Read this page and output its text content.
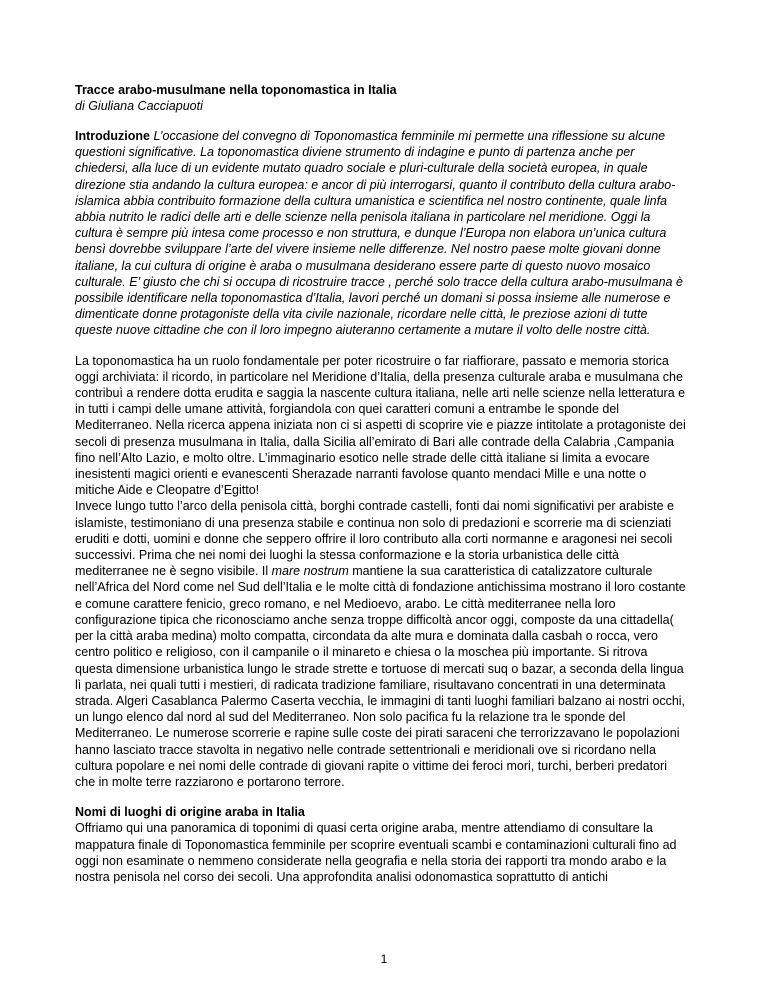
Tracce arabo-musulmane nella toponomastica in Italia
di Giuliana Cacciapuoti

Introduzione L’occasione del convegno di Toponomastica femminile mi permette una riflessione su alcune questioni significative. La toponomastica diviene strumento di indagine e punto di partenza anche per chiedersi, alla luce di un evidente mutato quadro sociale e pluri-culturale della società europea, in quale direzione stia andando la cultura europea: e ancor di più interrogarsi, quanto il contributo della cultura arabo-islamica abbia contribuito formazione della cultura umanistica e scientifica nel nostro continente, quale linfa abbia nutrito le radici delle arti e delle scienze nella penisola italiana in particolare nel meridione. Oggi la cultura è sempre più intesa come processo e non struttura, e dunque l’Europa non elabora un’unica cultura bensì dovrebbe sviluppare l’arte del vivere insieme nelle differenze. Nel nostro paese molte giovani donne italiane, la cui cultura di origine è araba o musulmana desiderano essere parte di questo nuovo mosaico culturale. E’ giusto che chi si occupa di ricostruire tracce , perché solo tracce della cultura arabo-musulmana è possibile identificare nella toponomastica d’Italia, lavori perché un domani si possa insieme alle numerose e dimenticate donne protagoniste della vita civile nazionale, ricordare nelle città, le preziose azioni di tutte queste nuove cittadine che con il loro impegno aiuteranno certamente a mutare il volto delle nostre città.

La toponomastica ha un ruolo fondamentale per poter ricostruire o far riaffiorare, passato e memoria storica oggi archiviata: il ricordo, in particolare nel Meridione d’Italia, della presenza culturale araba e musulmana che contribuì a rendere dotta erudita e saggia la nascente cultura italiana, nelle arti nelle scienze nella letteratura e in tutti i campi delle umane attività, forgiandola con quei caratteri comuni a entrambe le sponde del Mediterraneo. Nella ricerca appena iniziata non ci si aspetti di scoprire vie e piazze intitolate a protagoniste dei secoli di presenza musulmana in Italia, dalla Sicilia all’emirato di Bari alle contrade della Calabria ,Campania fino nell’Alto Lazio, e molto oltre. L’immaginario esotico nelle strade delle città italiane si limita a evocare inesistenti magici orienti e evanescenti Sherazade narranti favolose quanto mendaci Mille e una notte o mitiche Aide e Cleopatre d’Egitto!

Invece lungo tutto l’arco della penisola città, borghi contrade castelli, fonti dai nomi significativi per arabiste e islamiste, testimoniano di una presenza stabile e continua non solo di predazioni e scorrerie ma di scienziati eruditi e dotti, uomini e donne che seppero offrire il loro contributo alla corti normanne e aragonesi nei secoli successivi. Prima che nei nomi dei luoghi la stessa conformazione e la storia urbanistica delle città mediterranee ne è segno visibile. Il mare nostrum mantiene la sua caratteristica di catalizzatore culturale nell’Africa del Nord come nel Sud dell’Italia e le molte città di fondazione antichissima mostrano il loro costante e comune carattere fenicio, greco romano, e nel Medioevo, arabo. Le città mediterranee nella loro configurazione tipica che riconosciamo anche senza troppe difficoltà ancor oggi, composte da una cittadella( per la città araba medina) molto compatta, circondata da alte mura e dominata dalla casbah o rocca, vero centro politico e religioso, con il campanile o il minareto e chiesa o la moschea più importante. Si ritrova questa dimensione urbanistica lungo le strade strette e tortuose di mercati suq o bazar, a seconda della lingua lì parlata, nei quali tutti i mestieri, di radicata tradizione familiare, risultavano concentrati in una determinata strada. Algeri Casablanca Palermo Caserta vecchia, le immagini di tanti luoghi familiari balzano ai nostri occhi, un lungo elenco dal nord al sud del Mediterraneo. Non solo pacifica fu la relazione tra le sponde del Mediterraneo. Le numerose scorrerie e rapine sulle coste dei pirati saraceni che terrorizzavano le popolazioni hanno lasciato tracce stavolta in negativo nelle contrade settentrionali e meridionali ove si ricordano nella cultura popolare e nei nomi delle contrade di giovani rapite o vittime dei feroci mori, turchi, berberi predatori che in molte terre razziarono e portarono terrore.

Nomi di luoghi di origine araba in Italia

Offriamo qui una panoramica di toponimi di quasi certa origine araba, mentre attendiamo di consultare la mappatura finale di Toponomastica femminile per scoprire eventuali scambi e contaminazioni culturali fino ad oggi non esaminate o nemmeno considerate nella geografia e nella storia dei rapporti tra mondo arabo e la nostra penisola nel corso dei secoli. Una approfondita analisi odonomastica soprattutto di antichi

1
